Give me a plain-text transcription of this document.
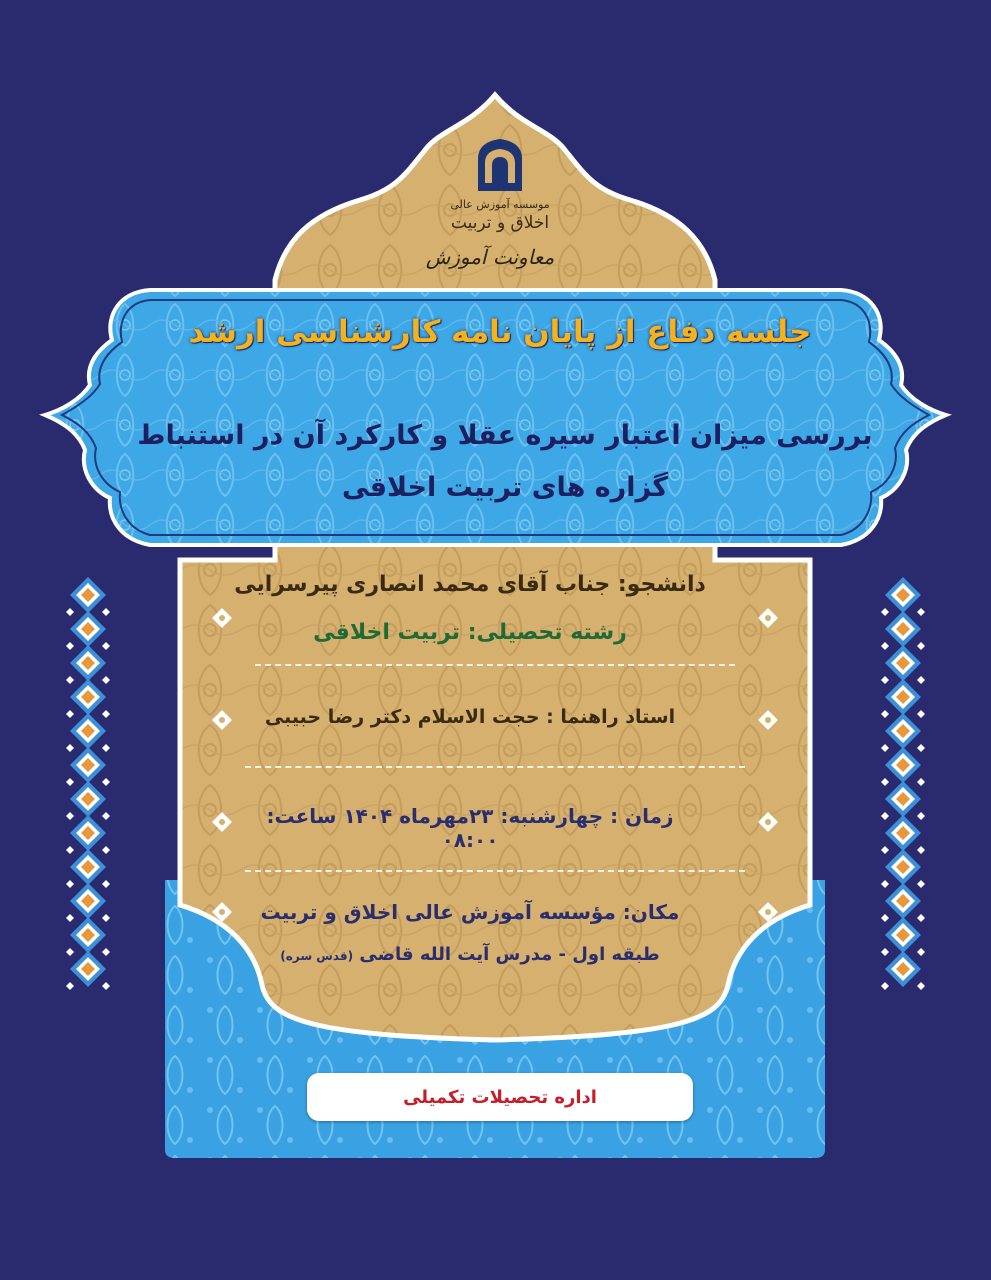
موسسه آموزش عالی
اخلاق و تربیت
معاونت آموزش
جلسه دفاع از پایان نامه کارشناسی ارشد
بررسی میزان اعتبار سیره عقلا و کارکرد آن در استنباط گزاره های تربیت اخلاقی
دانشجو: جناب آقای محمد انصاری پیرسرایی
رشته تحصیلی: تربیت اخلاقی
استاد راهنما : حجت الاسلام دکتر رضا حبیبی
زمان : چهارشنبه: ۲۳مهرماه ۱۴۰۴ ساعت: ۰۸:۰۰
مکان: مؤسسه آموزش عالی اخلاق و تربیت
طبقه اول - مدرس آیت الله قاضی (قدس سره)
اداره تحصیلات تکمیلی
